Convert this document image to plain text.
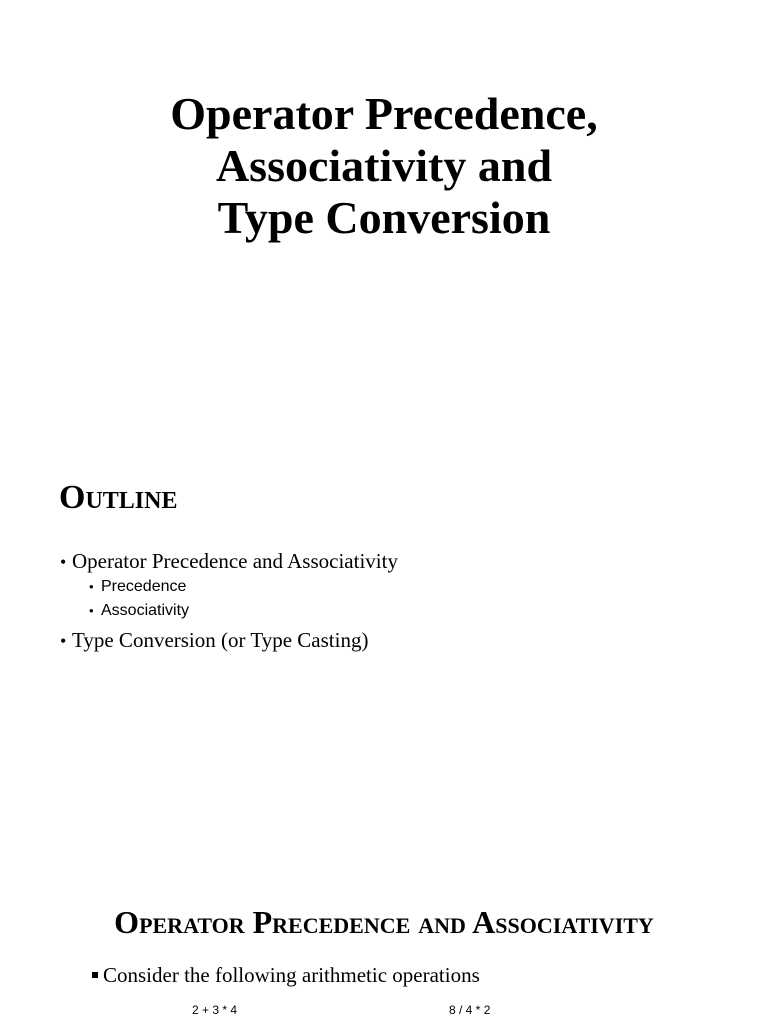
Operator Precedence,
Associativity and
Type Conversion
Outline
• Operator Precedence and Associativity
• Precedence
• Associativity
• Type Conversion (or Type Casting)
Operator Precedence and Associativity
Consider the following arithmetic operations
2 + 3 * 4	8 / 4 * 2
